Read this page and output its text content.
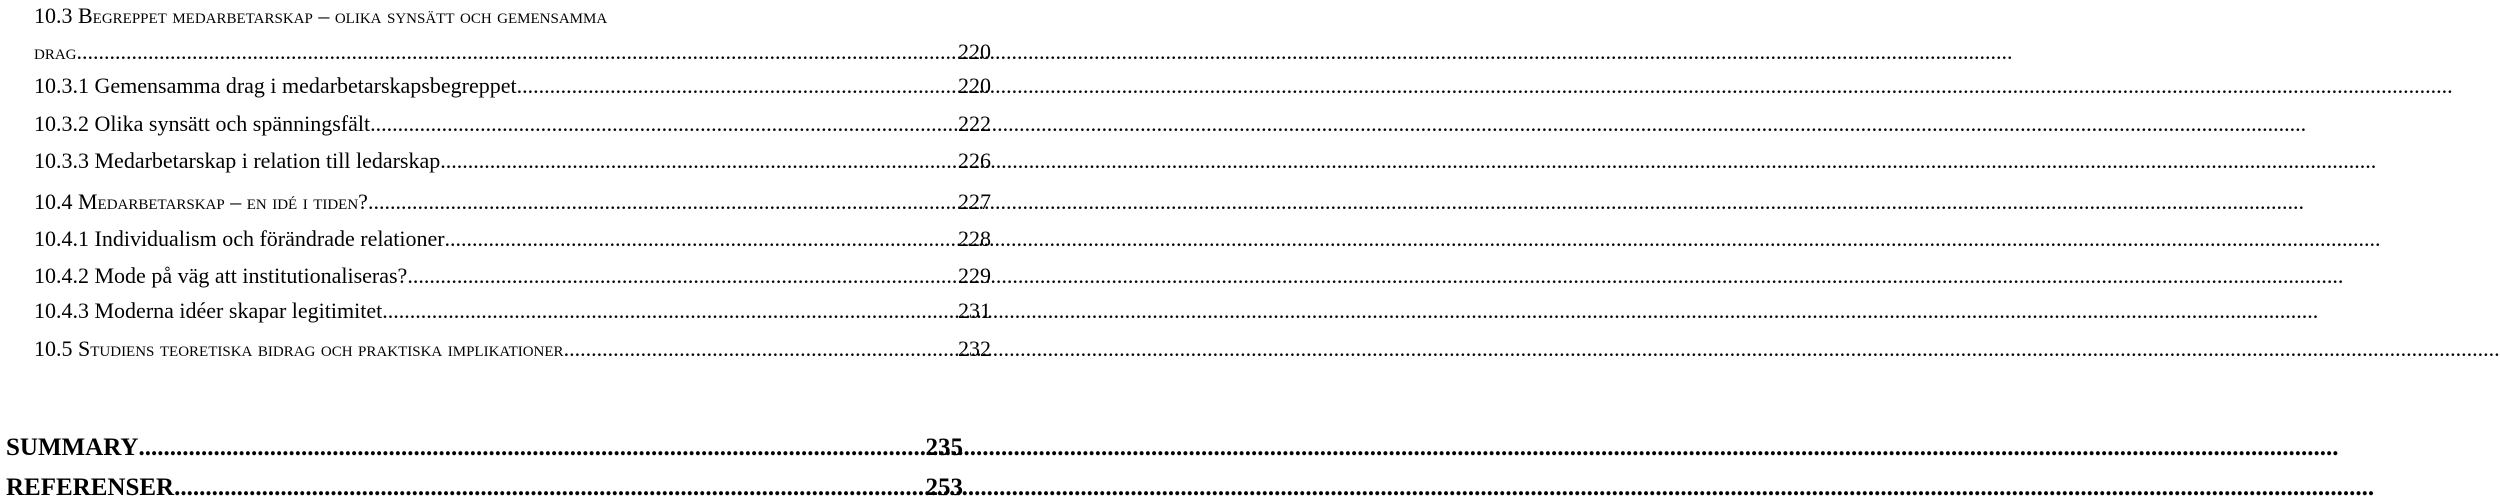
10.3 Begreppet medarbetarskap – olika synsätt och gemensamma
drag .....	220
10.3.1 Gemensamma drag i medarbetarskapsbegreppet .....	220
10.3.2 Olika synsätt och spänningsfält .....	222
10.3.3 Medarbetarskap i relation till ledarskap .....	226
10.4 Medarbetarskap – en idé i tiden? .....	227
10.4.1 Individualism och förändrade relationer .....	228
10.4.2 Mode på väg att institutionaliseras? .....	229
10.4.3 Moderna idéer skapar legitimitet .....	231
10.5 Studiens teoretiska bidrag och praktiska implikationer .....	232
SUMMARY .....	235
REFERENSER .....	253
